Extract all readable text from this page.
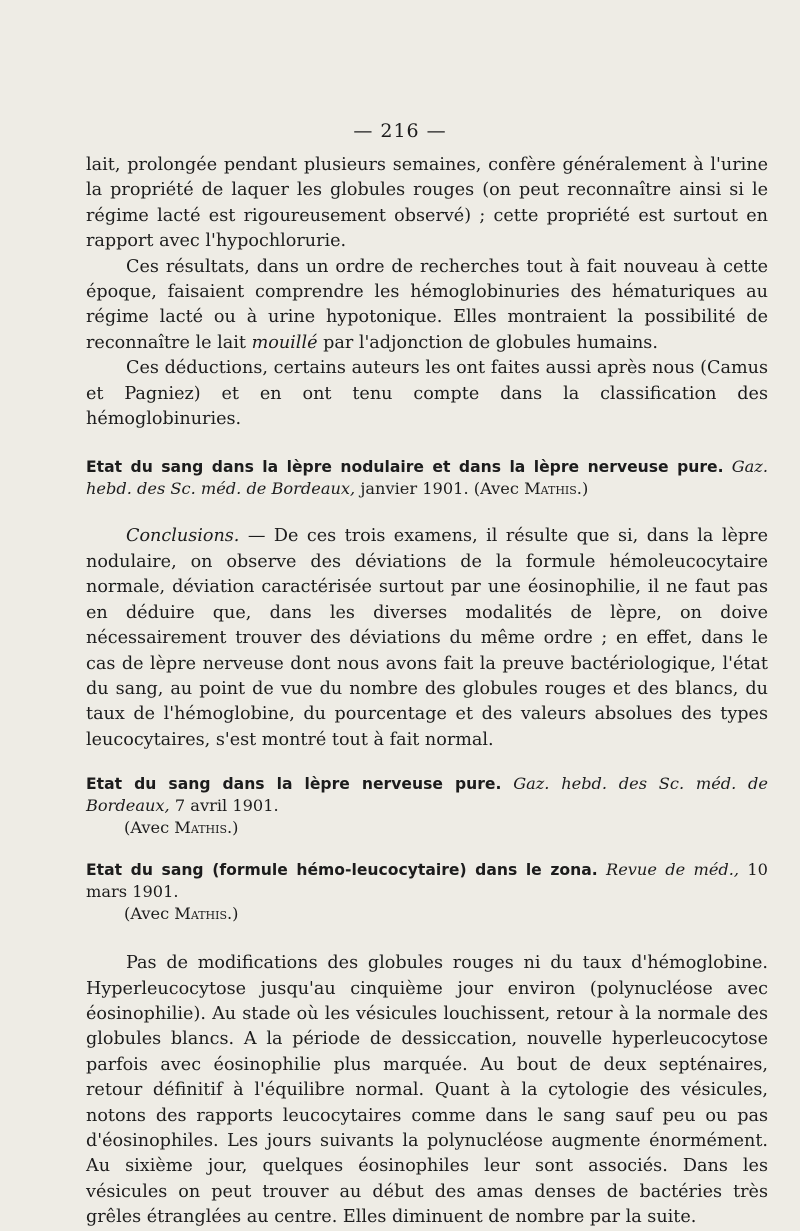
— 216 —

lait, prolongée pendant plusieurs semaines, confère généralement à l'urine la propriété de laquer les globules rouges (on peut reconnaître ainsi si le régime lacté est rigoureusement observé) ; cette propriété est surtout en rapport avec l'hypochlorurie.

Ces résultats, dans un ordre de recherches tout à fait nouveau à cette époque, faisaient comprendre les hémoglobinuries des hématuriques au régime lacté ou à urine hypotonique. Elles montraient la possibilité de reconnaître le lait mouillé par l'adjonction de globules humains.

Ces déductions, certains auteurs les ont faites aussi après nous (Camus et Pagniez) et en ont tenu compte dans la classification des hémoglobinuries.

Etat du sang dans la lèpre nodulaire et dans la lèpre nerveuse pure. Gaz. hebd. des Sc. méd. de Bordeaux, janvier 1901. (Avec Mathis.)

Conclusions. — De ces trois examens, il résulte que si, dans la lèpre nodulaire, on observe des déviations de la formule hémoleucocytaire normale, déviation caractérisée surtout par une éosinophilie, il ne faut pas en déduire que, dans les diverses modalités de lèpre, on doive nécessairement trouver des déviations du même ordre ; en effet, dans le cas de lèpre nerveuse dont nous avons fait la preuve bactériologique, l'état du sang, au point de vue du nombre des globules rouges et des blancs, du taux de l'hémoglobine, du pourcentage et des valeurs absolues des types leucocytaires, s'est montré tout à fait normal.

Etat du sang dans la lèpre nerveuse pure. Gaz. hebd. des Sc. méd. de Bordeaux, 7 avril 1901.
(Avec Mathis.)
Etat du sang (formule hémo-leucocytaire) dans le zona. Revue de méd., 10 mars 1901.
(Avec Mathis.)

Pas de modifications des globules rouges ni du taux d'hémoglobine. Hyperleucocytose jusqu'au cinquième jour environ (polynucléose avec éosinophilie). Au stade où les vésicules louchissent, retour à la normale des globules blancs. A la période de dessiccation, nouvelle hyperleucocytose parfois avec éosinophilie plus marquée. Au bout de deux septénaires, retour définitif à l'équilibre normal. Quant à la cytologie des vésicules, notons des rapports leucocytaires comme dans le sang sauf peu ou pas d'éosinophiles. Les jours suivants la polynucléose augmente énormément. Au sixième jour, quelques éosinophiles leur sont associés. Dans les vésicules on peut trouver au début des amas denses de bactéries très grêles étranglées au centre. Elles diminuent de nombre par la suite.
